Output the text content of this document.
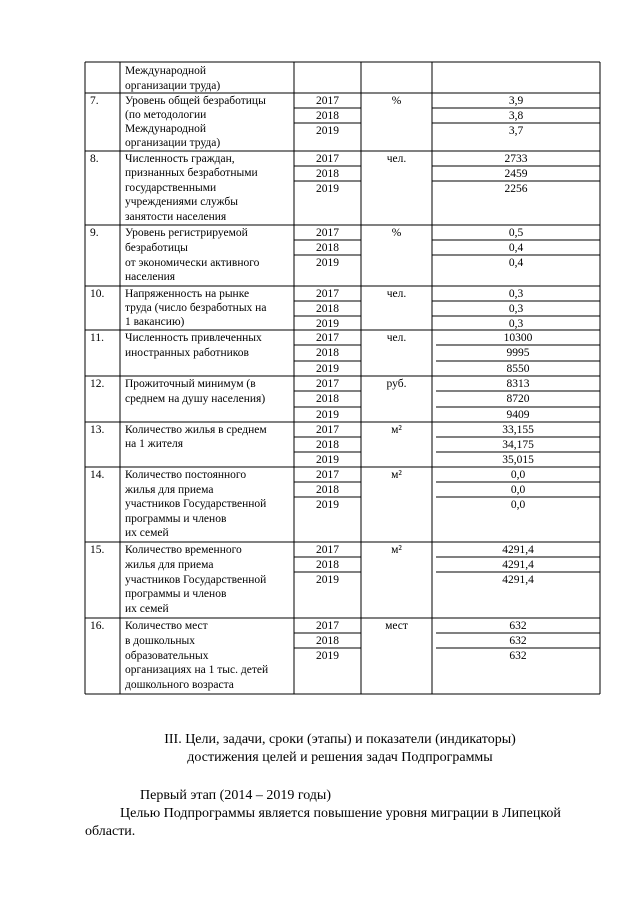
Международной
организации труда)
7. Уровень общей безработицы
(по методологии
Международной
организации труда)
%
2017
2018
2019
3,9
3,8
3,7
8. Численность граждан,
признанных безработными
государственными
учреждениями службы
занятости населения
чел.
2017
2018
2019
2733
2459
2256
9. Уровень регистрируемой
безработицы
от экономически активного
населения
%
2017
2018
2019
0,5
0,4
0,4
10. Напряженность на рынке
труда (число безработных на
1 вакансию)
чел.
2017
2018
2019
0,3
0,3
0,3
11. Численность привлеченных
иностранных работников
чел.
2017
2018
2019
10300
9995
8550
12. Прожиточный минимум (в
среднем на душу населения)
руб.
2017
2018
2019
8313
8720
9409
13. Количество жилья в среднем
на 1 жителя
м²
2017
2018
2019
33,155
34,175
35,015
14. Количество постоянного
жилья для приема
участников Государственной
программы и членов
их семей
м²
2017
2018
2019
0,0
0,0
0,0
15. Количество временного
жилья для приема
участников Государственной
программы и членов
их семей
м²
2017
2018
2019
4291,4
4291,4
4291,4
16. Количество мест
в дошкольных
образовательных
организациях на 1 тыс. детей
дошкольного возраста
мест
2017
2018
2019
632
632
632
III. Цели, задачи, сроки (этапы) и показатели (индикаторы)
достижения целей и решения задач Подпрограммы
Первый этап (2014 – 2019 годы)
Целью Подпрограммы является повышение уровня миграции в Липецкой
области.
